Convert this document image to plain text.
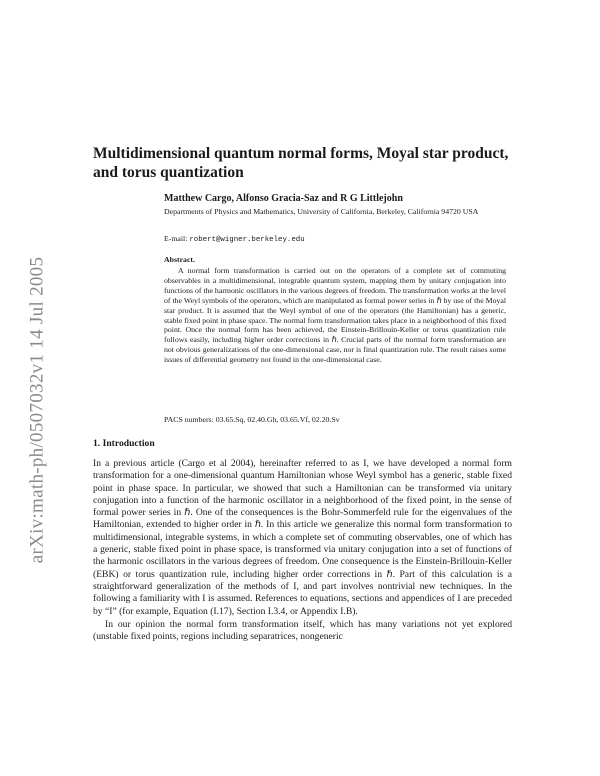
arXiv:math-ph/0507032v1 14 Jul 2005
Multidimensional quantum normal forms, Moyal star product, and torus quantization
Matthew Cargo, Alfonso Gracia-Saz and R G Littlejohn
Departments of Physics and Mathematics, University of California, Berkeley, California 94720 USA
E-mail: robert@wigner.berkeley.edu
Abstract.

A normal form transformation is carried out on the operators of a complete set of commuting observables in a multidimensional, integrable quantum system, mapping them by unitary conjugation into functions of the harmonic oscillators in the various degrees of freedom. The transformation works at the level of the Weyl symbols of the operators, which are manipulated as formal power series in ℏ by use of the Moyal star product. It is assumed that the Weyl symbol of one of the operators (the Hamiltonian) has a generic, stable fixed point in phase space. The normal form transformation takes place in a neighborhood of this fixed point. Once the normal form has been achieved, the Einstein-Brillouin-Keller or torus quantization rule follows easily, including higher order corrections in ℏ. Crucial parts of the normal form transformation are not obvious generalizations of the one-dimensional case, nor is final quantization rule. The result raises some issues of differential geometry not found in the one-dimensional case.

PACS numbers: 03.65.Sq, 02.40.Gh, 03.65.Vf, 02.20.Sv
1. Introduction

In a previous article (Cargo et al 2004), hereinafter referred to as I, we have developed a normal form transformation for a one-dimensional quantum Hamiltonian whose Weyl symbol has a generic, stable fixed point in phase space. In particular, we showed that such a Hamiltonian can be transformed via unitary conjugation into a function of the harmonic oscillator in a neighborhood of the fixed point, in the sense of formal power series in ℏ. One of the consequences is the Bohr-Sommerfeld rule for the eigenvalues of the Hamiltonian, extended to higher order in ℏ. In this article we generalize this normal form transformation to multidimensional, integrable systems, in which a complete set of commuting observables, one of which has a generic, stable fixed point in phase space, is transformed via unitary conjugation into a set of functions of the harmonic oscillators in the various degrees of freedom. One consequence is the Einstein-Brillouin-Keller (EBK) or torus quantization rule, including higher order corrections in ℏ. Part of this calculation is a straightforward generalization of the methods of I, and part involves nontrivial new techniques. In the following a familiarity with I is assumed. References to equations, sections and appendices of I are preceded by “I” (for example, Equation (I.17), Section I.3.4, or Appendix I.B).

In our opinion the normal form transformation itself, which has many variations not yet explored (unstable fixed points, regions including separatrices, nongeneric
